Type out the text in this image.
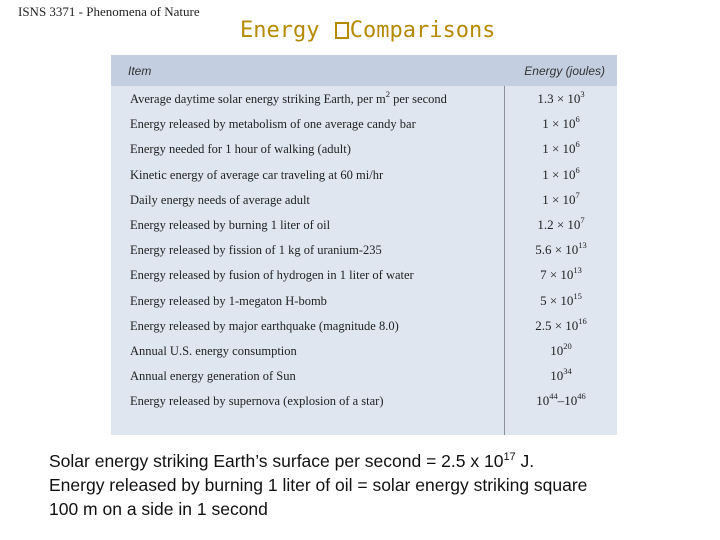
ISNS 3371 - Phenomena of Nature
Energy Comparisons
Item	Energy (joules)
Average daytime solar energy striking Earth, per $m^2$ per second	$1.3 \times 10^3$
Energy released by metabolism of one average candy bar	$1 \times 10^6$
Energy needed for 1 hour of walking (adult)	$1 \times 10^6$
Kinetic energy of average car traveling at 60 mi/hr	$1 \times 10^6$
Daily energy needs of average adult	$1 \times 10^7$
Energy released by burning 1 liter of oil	$1.2 \times 10^7$
Energy released by fission of 1 kg of uranium-235	$5.6 \times 10^{13}$
Energy released by fusion of hydrogen in 1 liter of water	$7 \times 10^{13}$
Energy released by 1-megaton H-bomb	$5 \times 10^{15}$
Energy released by major earthquake (magnitude 8.0)	$2.5 \times 10^{16}$
Annual U.S. energy consumption	$10^{20}$
Annual energy generation of Sun	$10^{34}$
Energy released by supernova (explosion of a star)	$10^{44}-10^{46}$
Solar energy striking Earth’s surface per second = 2.5 x $10^{17}$ J.
Energy released by burning 1 liter of oil = solar energy striking square
100 m on a side in 1 second
